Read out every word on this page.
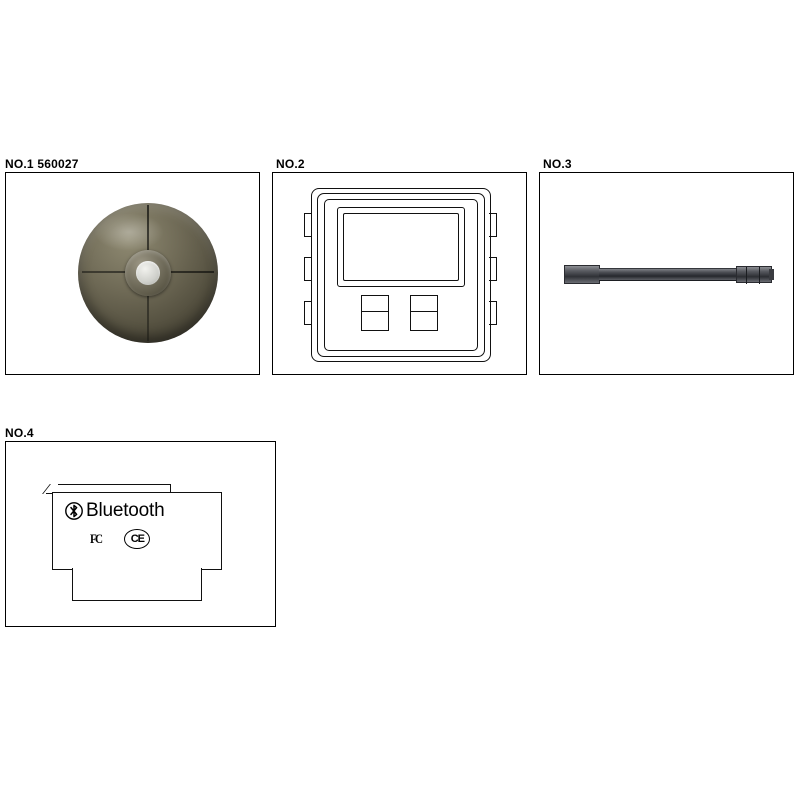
NO.1 560027	NO.2	NO.3
NO.4
Bluetooth
FC	CE
